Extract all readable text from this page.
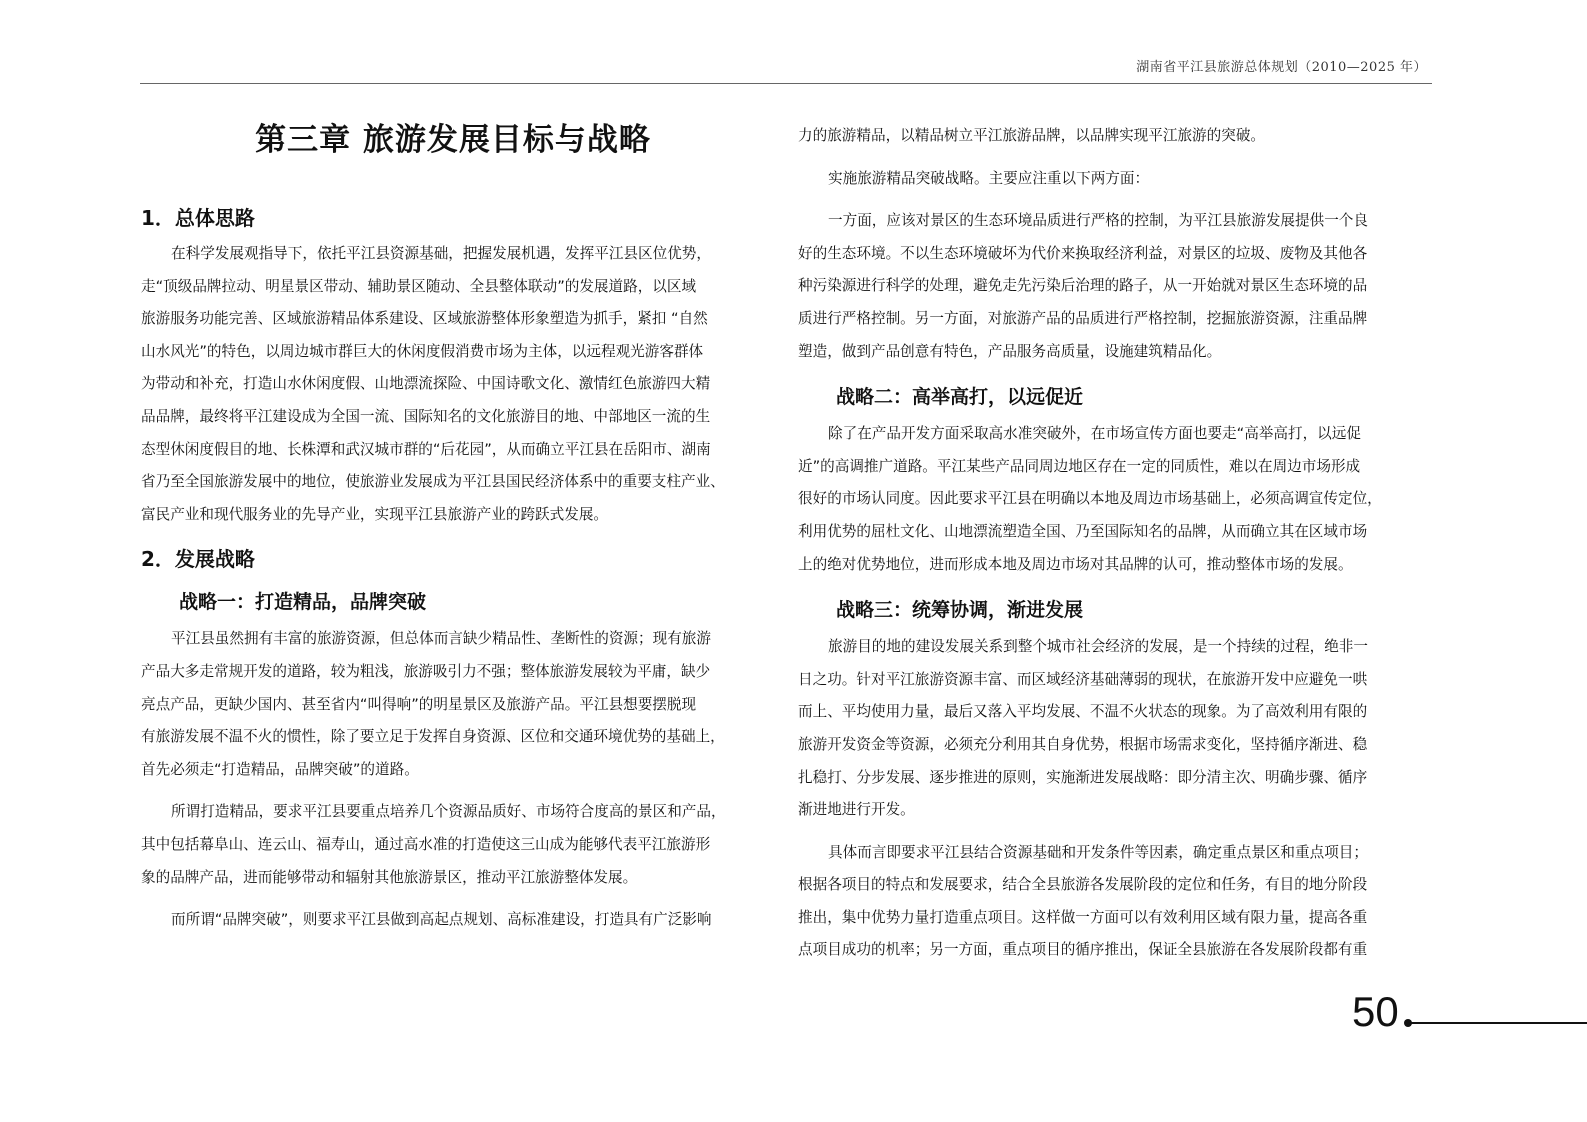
湖南省平江县旅游总体规划（2010—2025 年）
第三章 旅游发展目标与战略
1．总体思路

在科学发展观指导下，依托平江县资源基础，把握发展机遇，发挥平江县区位优势，
走“顶级品牌拉动、明星景区带动、辅助景区随动、全县整体联动”的发展道路，以区域
旅游服务功能完善、区域旅游精品体系建设、区域旅游整体形象塑造为抓手，紧扣 “自然
山水风光”的特色，以周边城市群巨大的休闲度假消费市场为主体，以远程观光游客群体
为带动和补充，打造山水休闲度假、山地漂流探险、中国诗歌文化、激情红色旅游四大精
品品牌，最终将平江建设成为全国一流、国际知名的文化旅游目的地、中部地区一流的生
态型休闲度假目的地、长株潭和武汉城市群的“后花园”，从而确立平江县在岳阳市、湖南
省乃至全国旅游发展中的地位，使旅游业发展成为平江县国民经济体系中的重要支柱产业、
富民产业和现代服务业的先导产业，实现平江县旅游产业的跨跃式发展。

2．发展战略
战略一：打造精品，品牌突破

平江县虽然拥有丰富的旅游资源，但总体而言缺少精品性、垄断性的资源；现有旅游
产品大多走常规开发的道路，较为粗浅，旅游吸引力不强；整体旅游发展较为平庸，缺少
亮点产品，更缺少国内、甚至省内“叫得响”的明星景区及旅游产品。平江县想要摆脱现
有旅游发展不温不火的惯性，除了要立足于发挥自身资源、区位和交通环境优势的基础上，
首先必须走“打造精品，品牌突破”的道路。

所谓打造精品，要求平江县要重点培养几个资源品质好、市场符合度高的景区和产品，
其中包括幕阜山、连云山、福寿山，通过高水准的打造使这三山成为能够代表平江旅游形
象的品牌产品，进而能够带动和辐射其他旅游景区，推动平江旅游整体发展。

而所谓“品牌突破”，则要求平江县做到高起点规划、高标准建设，打造具有广泛影响

力的旅游精品，以精品树立平江旅游品牌，以品牌实现平江旅游的突破。

实施旅游精品突破战略。主要应注重以下两方面：

一方面，应该对景区的生态环境品质进行严格的控制，为平江县旅游发展提供一个良
好的生态环境。不以生态环境破坏为代价来换取经济利益，对景区的垃圾、废物及其他各
种污染源进行科学的处理，避免走先污染后治理的路子，从一开始就对景区生态环境的品
质进行严格控制。另一方面，对旅游产品的品质进行严格控制，挖掘旅游资源，注重品牌
塑造，做到产品创意有特色，产品服务高质量，设施建筑精品化。

战略二：高举高打，以远促近

除了在产品开发方面采取高水准突破外，在市场宣传方面也要走“高举高打，以远促
近”的高调推广道路。平江某些产品同周边地区存在一定的同质性，难以在周边市场形成
很好的市场认同度。因此要求平江县在明确以本地及周边市场基础上，必须高调宣传定位，
利用优势的屈杜文化、山地漂流塑造全国、乃至国际知名的品牌，从而确立其在区域市场
上的绝对优势地位，进而形成本地及周边市场对其品牌的认可，推动整体市场的发展。

战略三：统筹协调，渐进发展

旅游目的地的建设发展关系到整个城市社会经济的发展，是一个持续的过程，绝非一
日之功。针对平江旅游资源丰富、而区域经济基础薄弱的现状，在旅游开发中应避免一哄
而上、平均使用力量，最后又落入平均发展、不温不火状态的现象。为了高效利用有限的
旅游开发资金等资源，必须充分利用其自身优势，根据市场需求变化，坚持循序渐进、稳
扎稳打、分步发展、逐步推进的原则，实施渐进发展战略：即分清主次、明确步骤、循序
渐进地进行开发。

具体而言即要求平江县结合资源基础和开发条件等因素，确定重点景区和重点项目；
根据各项目的特点和发展要求，结合全县旅游各发展阶段的定位和任务，有目的地分阶段
推出，集中优势力量打造重点项目。这样做一方面可以有效利用区域有限力量，提高各重
点项目成功的机率；另一方面，重点项目的循序推出，保证全县旅游在各发展阶段都有重

50
